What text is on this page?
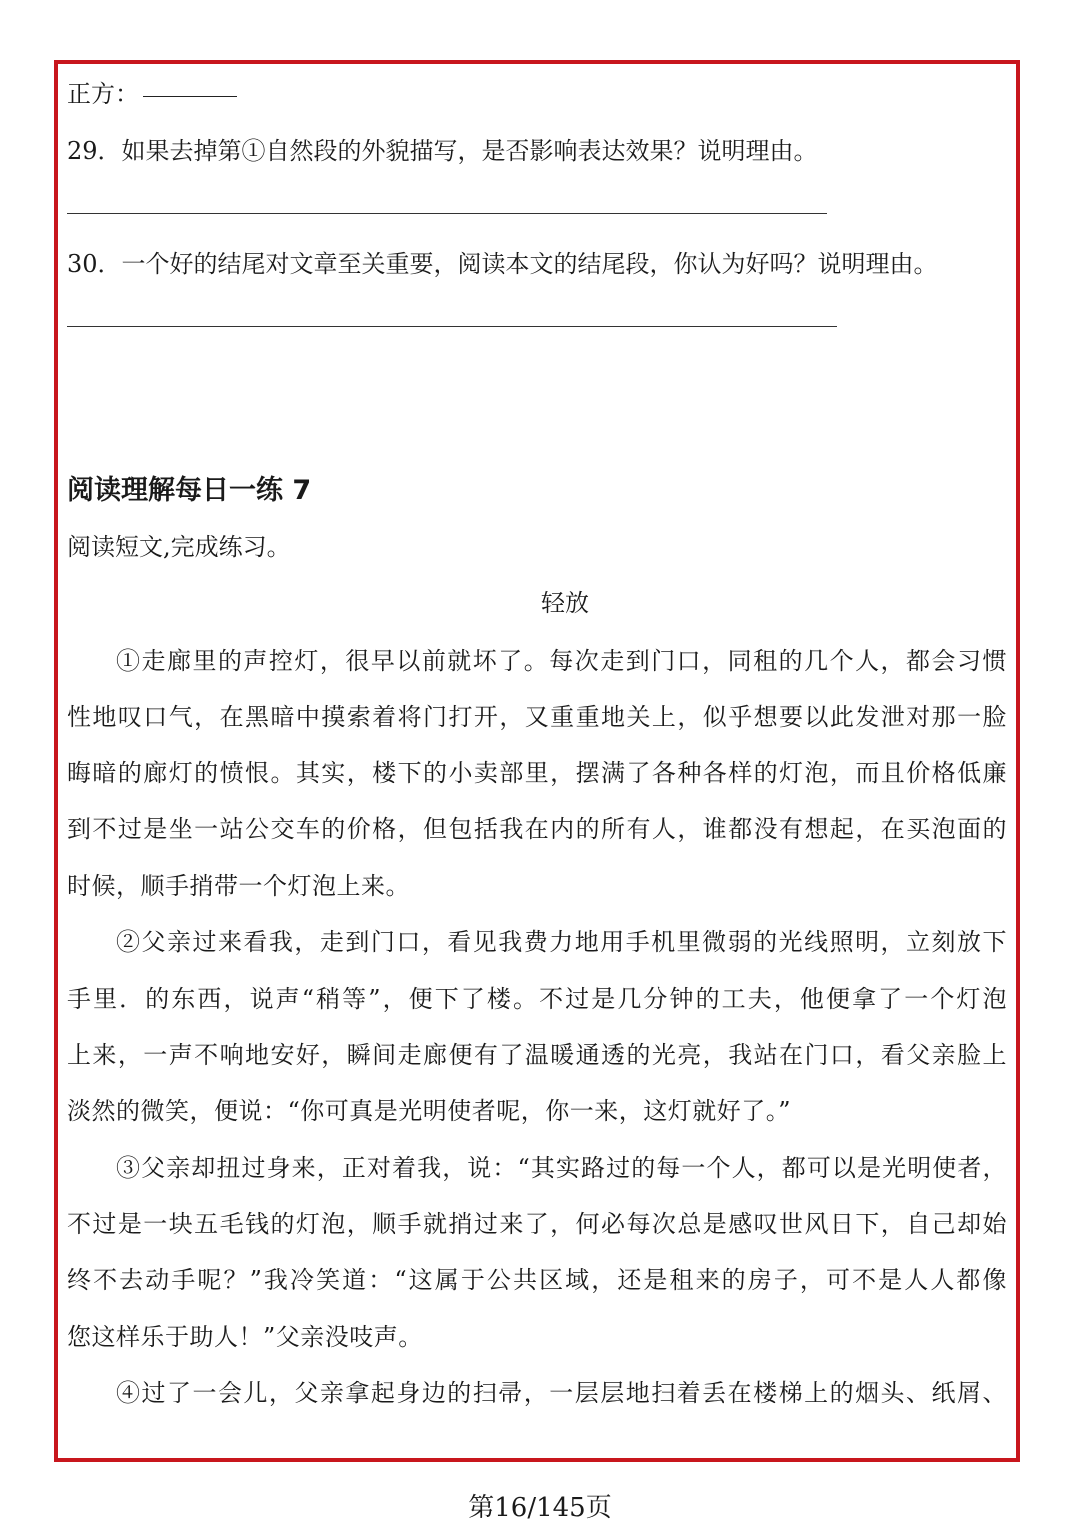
正方：
29．如果去掉第①自然段的外貌描写，是否影响表达效果？说明理由。
30．一个好的结尾对文章至关重要，阅读本文的结尾段，你认为好吗？说明理由。
阅读理解每日一练 7
阅读短文,完成练习。
轻放
①走廊里的声控灯，很早以前就坏了。每次走到门口，同租的几个人，都会习惯
性地叹口气，在黑暗中摸索着将门打开，又重重地关上，似乎想要以此发泄对那一脸
晦暗的廊灯的愤恨。其实，楼下的小卖部里，摆满了各种各样的灯泡，而且价格低廉
到不过是坐一站公交车的价格，但包括我在内的所有人，谁都没有想起，在买泡面的
时候，顺手捎带一个灯泡上来。
②父亲过来看我，走到门口，看见我费力地用手机里微弱的光线照明，立刻放下
手里．的东西，说声“稍等”，便下了楼。不过是几分钟的工夫，他便拿了一个灯泡
上来，一声不响地安好，瞬间走廊便有了温暖通透的光亮，我站在门口，看父亲脸上
淡然的微笑，便说：“你可真是光明使者呢，你一来，这灯就好了。”
③父亲却扭过身来，正对着我，说：“其实路过的每一个人，都可以是光明使者，
不过是一块五毛钱的灯泡，顺手就捎过来了，何必每次总是感叹世风日下，自己却始
终不去动手呢？”我冷笑道：“这属于公共区域，还是租来的房子，可不是人人都像
您这样乐于助人！”父亲没吱声。
④过了一会儿，父亲拿起身边的扫帚，一层层地扫着丢在楼梯上的烟头、纸屑、
第16/145页
